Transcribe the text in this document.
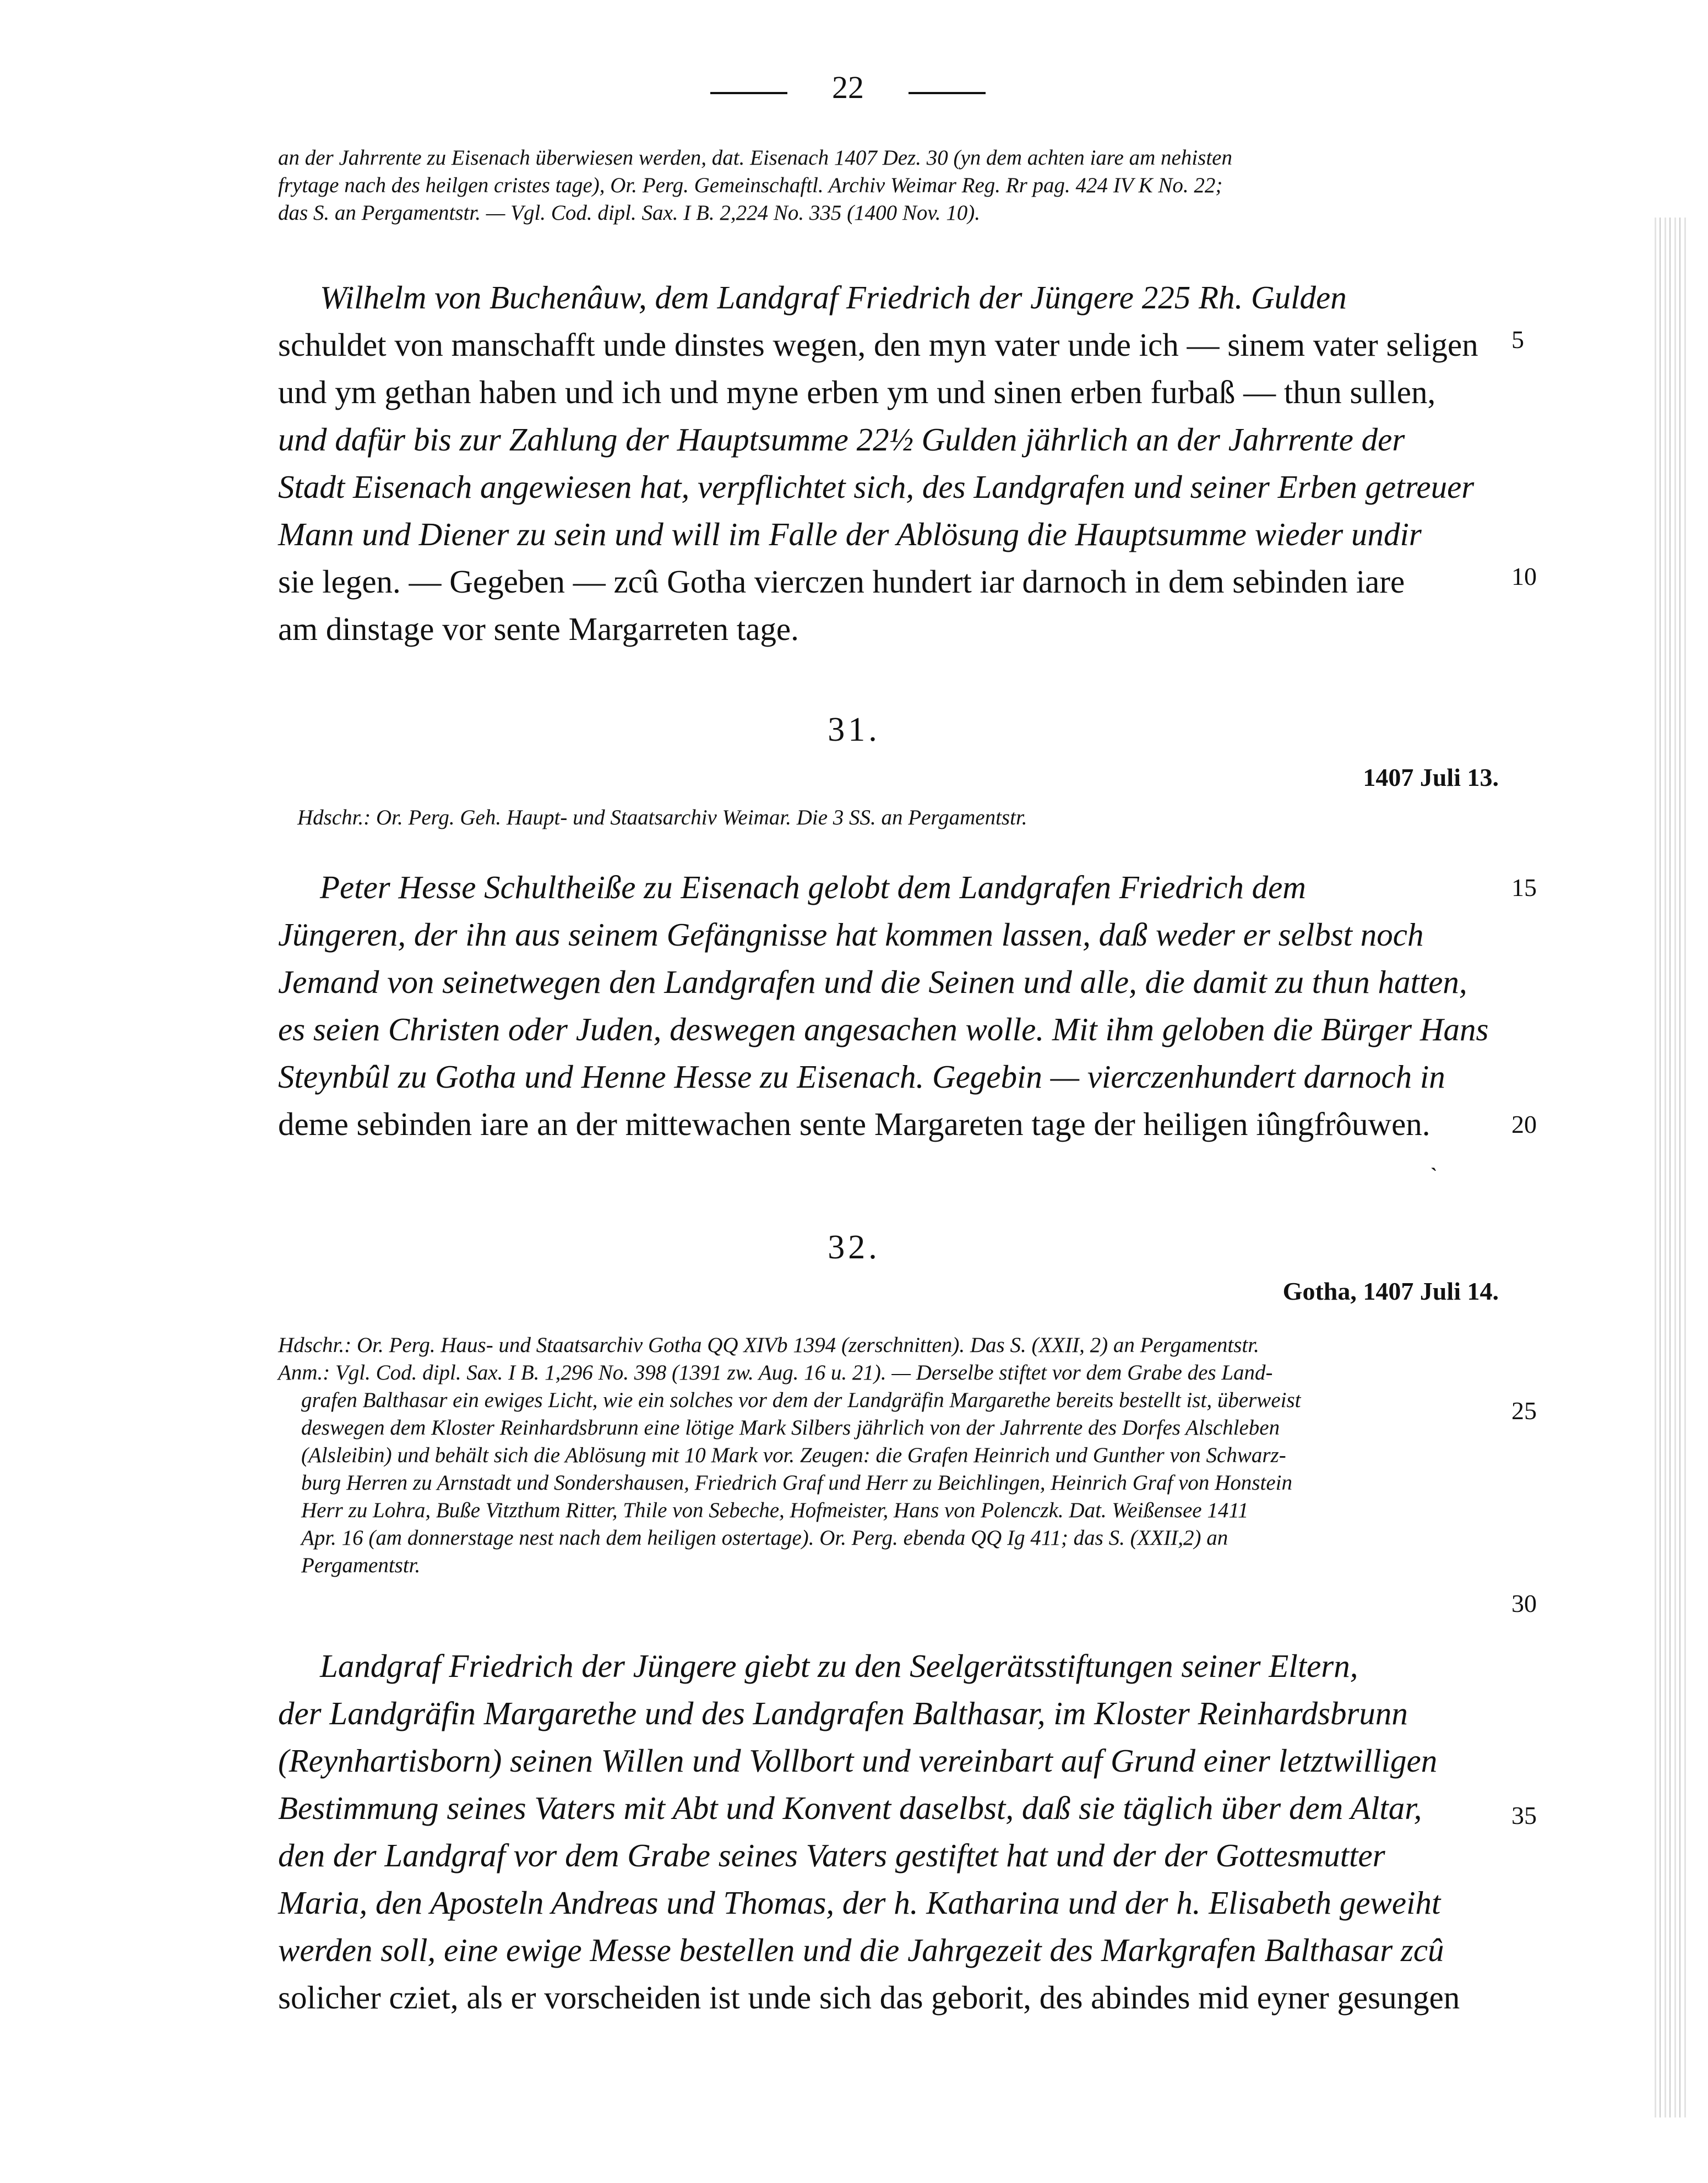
22

an der Jahrrente zu Eisenach überwiesen werden, dat. Eisenach 1407 Dez. 30 (yn dem achten iare am nehisten

frytage nach des heilgen cristes tage), Or. Perg. Gemeinschaftl. Archiv Weimar Reg. Rr pag. 424 IV K No. 22;

das S. an Pergamentstr. — Vgl. Cod. dipl. Sax. I B. 2,224 No. 335 (1400 Nov. 10).

Wilhelm von Buchenâuw, dem Landgraf Friedrich der Jüngere 225 Rh. Gulden

schuldet von manschafft unde dinstes wegen, den myn vater unde ich — sinem vater seligen

und ym gethan haben und ich und myne erben ym und sinen erben furbaß — thun sullen,

und dafür bis zur Zahlung der Hauptsumme 22½ Gulden jährlich an der Jahrrente der

Stadt Eisenach angewiesen hat, verpflichtet sich, des Landgrafen und seiner Erben getreuer

Mann und Diener zu sein und will im Falle der Ablösung die Hauptsumme wieder undir

sie legen. — Gegeben — zcû Gotha vierczen hundert iar darnoch in dem sebinden iare

am dinstage vor sente Margarreten tage.

31.
1407 Juli 13.

Hdschr.: Or. Perg. Geh. Haupt- und Staatsarchiv Weimar. Die 3 SS. an Pergamentstr.

Peter Hesse Schultheiße zu Eisenach gelobt dem Landgrafen Friedrich dem

Jüngeren, der ihn aus seinem Gefängnisse hat kommen lassen, daß weder er selbst noch

Jemand von seinetwegen den Landgrafen und die Seinen und alle, die damit zu thun hatten,

es seien Christen oder Juden, deswegen angesachen wolle. Mit ihm geloben die Bürger Hans

Steynbûl zu Gotha und Henne Hesse zu Eisenach. Gegebin — vierczenhundert darnoch in

deme sebinden iare an der mittewachen sente Margareten tage der heiligen iûngfrôuwen.

ˎ
32.
Gotha, 1407 Juli 14.

Hdschr.: Or. Perg. Haus- und Staatsarchiv Gotha QQ XIVb 1394 (zerschnitten). Das S. (XXII, 2) an Pergamentstr.

Anm.: Vgl. Cod. dipl. Sax. I B. 1,296 No. 398 (1391 zw. Aug. 16 u. 21). — Derselbe stiftet vor dem Grabe des Land-

grafen Balthasar ein ewiges Licht, wie ein solches vor dem der Landgräfin Margarethe bereits bestellt ist, überweist

deswegen dem Kloster Reinhardsbrunn eine lötige Mark Silbers jährlich von der Jahrrente des Dorfes Alschleben

(Alsleibin) und behält sich die Ablösung mit 10 Mark vor. Zeugen: die Grafen Heinrich und Gunther von Schwarz-

burg Herren zu Arnstadt und Sondershausen, Friedrich Graf und Herr zu Beichlingen, Heinrich Graf von Honstein

Herr zu Lohra, Buße Vitzthum Ritter, Thile von Sebeche, Hofmeister, Hans von Polenczk. Dat. Weißensee 1411

Apr. 16 (am donnerstage nest nach dem heiligen ostertage). Or. Perg. ebenda QQ Ig 411; das S. (XXII,2) an

Pergamentstr.

Landgraf Friedrich der Jüngere giebt zu den Seelgerätsstiftungen seiner Eltern,

der Landgräfin Margarethe und des Landgrafen Balthasar, im Kloster Reinhardsbrunn

(Reynhartisborn) seinen Willen und Vollbort und vereinbart auf Grund einer letztwilligen

Bestimmung seines Vaters mit Abt und Konvent daselbst, daß sie täglich über dem Altar,

den der Landgraf vor dem Grabe seines Vaters gestiftet hat und der der Gottesmutter

Maria, den Aposteln Andreas und Thomas, der h. Katharina und der h. Elisabeth geweiht

werden soll, eine ewige Messe bestellen und die Jahrgezeit des Markgrafen Balthasar zcû

solicher cziet, als er vorscheiden ist unde sich das geborit, des abindes mid eyner gesungen

5
10
15
20
25
30
35
